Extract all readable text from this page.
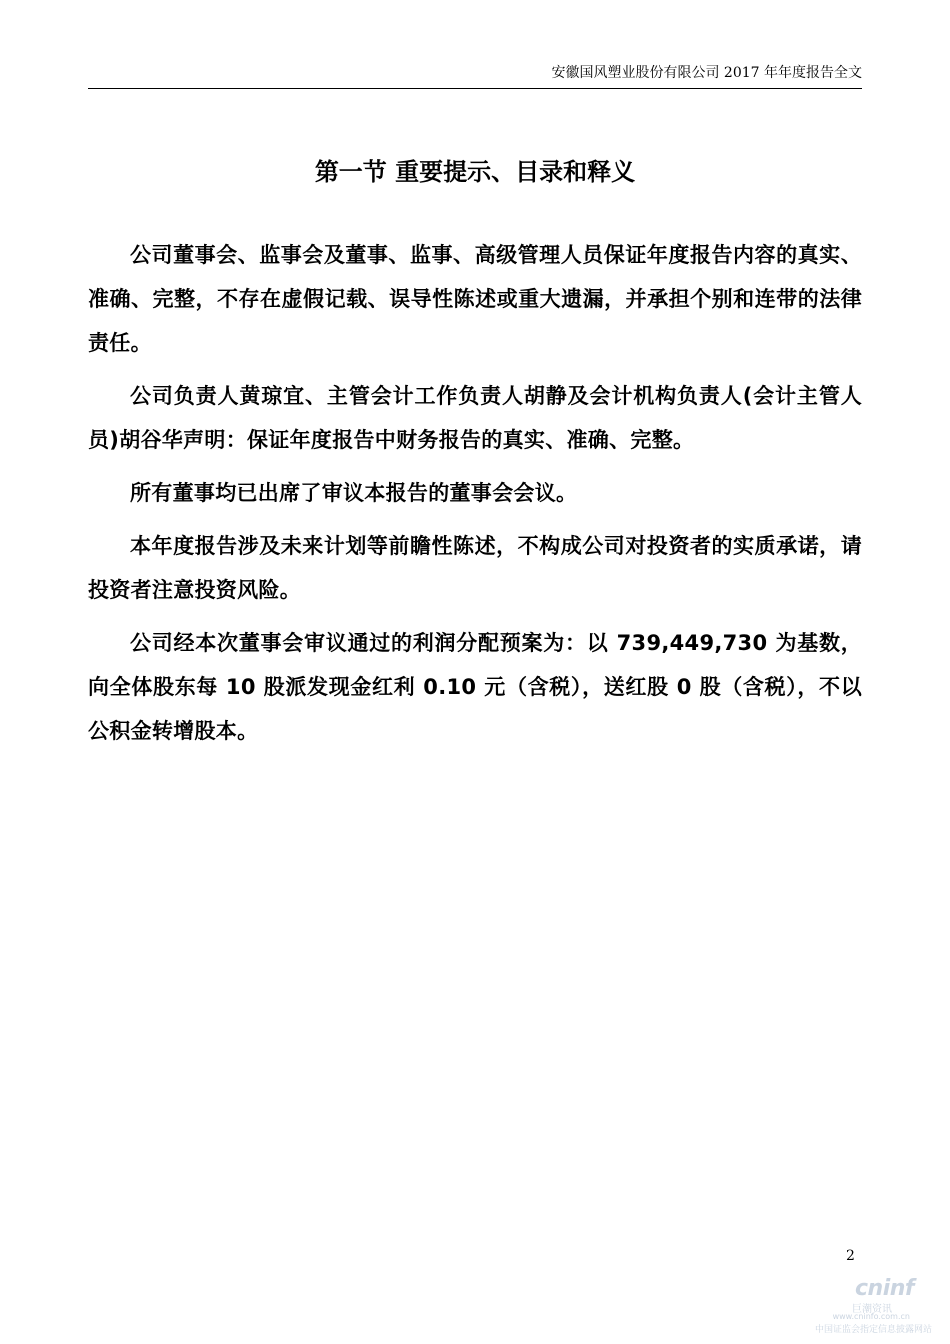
安徽国风塑业股份有限公司 2017 年年度报告全文
第一节 重要提示、目录和释义

公司董事会、监事会及董事、监事、高级管理人员保证年度报告内容的真实、准确、完整，不存在虚假记载、误导性陈述或重大遗漏，并承担个别和连带的法律责任。

公司负责人黄琼宜、主管会计工作负责人胡静及会计机构负责人(会计主管人员)胡谷华声明：保证年度报告中财务报告的真实、准确、完整。

所有董事均已出席了审议本报告的董事会会议。

本年度报告涉及未来计划等前瞻性陈述，不构成公司对投资者的实质承诺，请投资者注意投资风险。

公司经本次董事会审议通过的利润分配预案为：以 739,449,730 为基数，向全体股东每 10 股派发现金红利 0.10 元（含税），送红股 0 股（含税），不以公积金转增股本。

2
cninf
巨潮资讯
www.cninfo.com.cn
中国证监会指定信息披露网站
